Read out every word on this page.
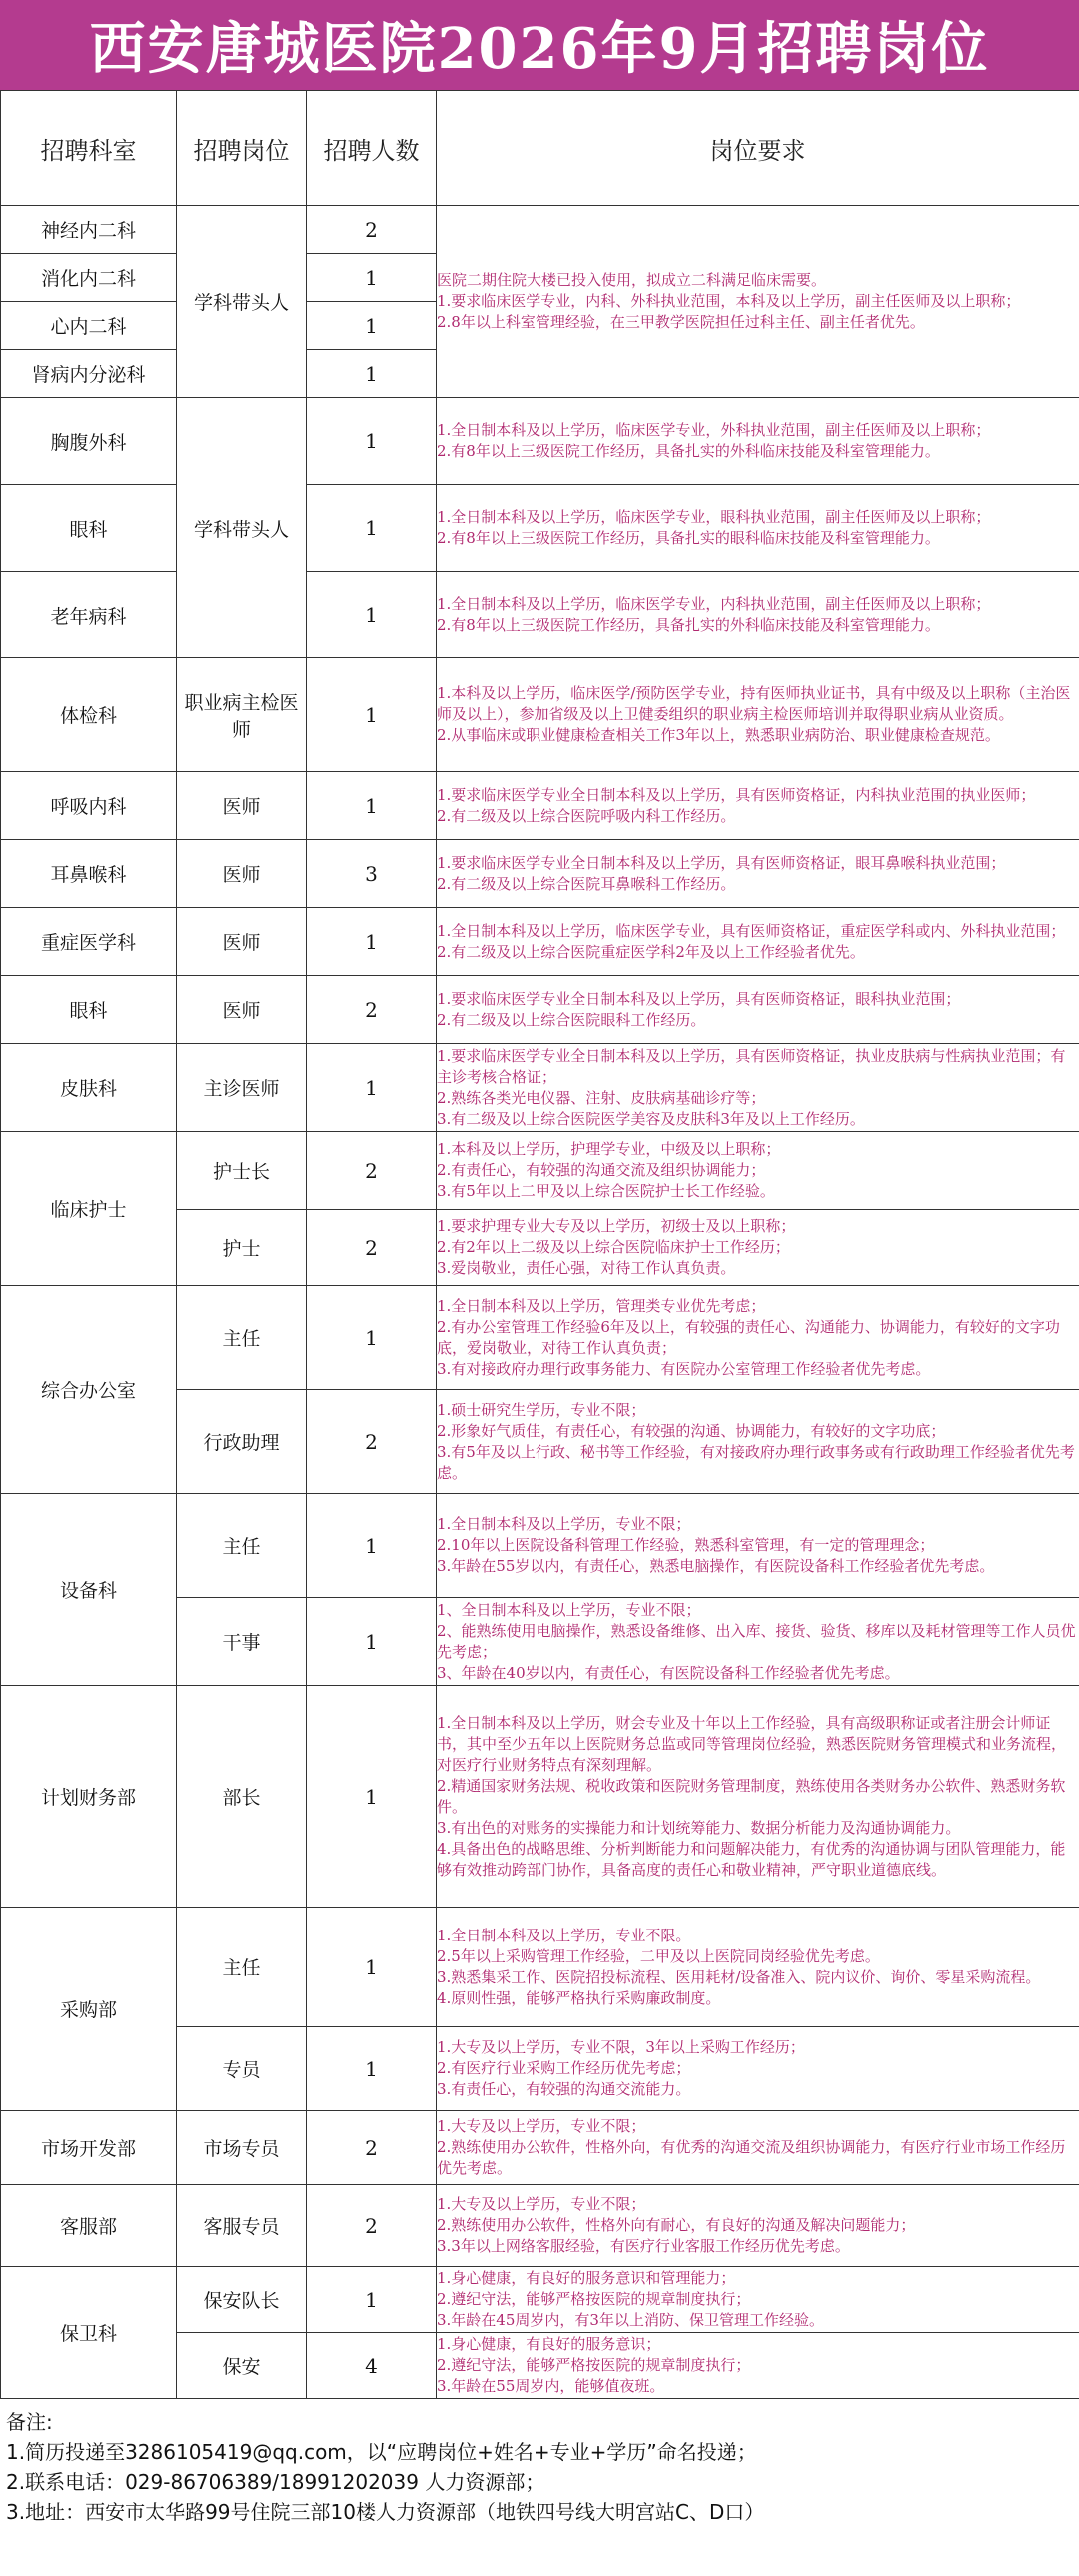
西安唐城医院2026年9月招聘岗位
招聘科室	招聘岗位	招聘人数	岗位要求
神经内二科	学科带头人	2	医院二期住院大楼已投入使用，拟成立二科满足临床需要。
1.要求临床医学专业，内科、外科执业范围，本科及以上学历，副主任医师及以上职称；
2.8年以上科室管理经验，在三甲教学医院担任过科主任、副主任者优先。
消化内二科		1	
心内二科		1	
肾病内分泌科		1	
胸腹外科	学科带头人	1	1.全日制本科及以上学历，临床医学专业，外科执业范围，副主任医师及以上职称；
2.有8年以上三级医院工作经历，具备扎实的外科临床技能及科室管理能力。
眼科		1	1.全日制本科及以上学历，临床医学专业，眼科执业范围，副主任医师及以上职称；
2.有8年以上三级医院工作经历，具备扎实的眼科临床技能及科室管理能力。
老年病科		1	1.全日制本科及以上学历，临床医学专业，内科执业范围，副主任医师及以上职称；
2.有8年以上三级医院工作经历，具备扎实的外科临床技能及科室管理能力。
体检科	职业病主检医师	1	1.本科及以上学历，临床医学/预防医学专业，持有医师执业证书，具有中级及以上职称（主治医师及以上），参加省级及以上卫健委组织的职业病主检医师培训并取得职业病从业资质。
2.从事临床或职业健康检查相关工作3年以上，熟悉职业病防治、职业健康检查规范。
呼吸内科	医师	1	1.要求临床医学专业全日制本科及以上学历，具有医师资格证，内科执业范围的执业医师；
2.有二级及以上综合医院呼吸内科工作经历。
耳鼻喉科	医师	3	1.要求临床医学专业全日制本科及以上学历，具有医师资格证，眼耳鼻喉科执业范围；
2.有二级及以上综合医院耳鼻喉科工作经历。
重症医学科	医师	1	1.全日制本科及以上学历，临床医学专业，具有医师资格证，重症医学科或内、外科执业范围；
2.有二级及以上综合医院重症医学科2年及以上工作经验者优先。
眼科	医师	2	1.要求临床医学专业全日制本科及以上学历，具有医师资格证，眼科执业范围；
2.有二级及以上综合医院眼科工作经历。
皮肤科	主诊医师	1	1.要求临床医学专业全日制本科及以上学历，具有医师资格证，执业皮肤病与性病执业范围；有主诊考核合格证；
2.熟练各类光电仪器、注射、皮肤病基础诊疗等；
3.有二级及以上综合医院医学美容及皮肤科3年及以上工作经历。
临床护士	护士长	2	1.本科及以上学历，护理学专业，中级及以上职称；
2.有责任心，有较强的沟通交流及组织协调能力；
3.有5年以上二甲及以上综合医院护士长工作经验。
	护士	2	1.要求护理专业大专及以上学历，初级士及以上职称；
2.有2年以上二级及以上综合医院临床护士工作经历；
3.爱岗敬业，责任心强，对待工作认真负责。
综合办公室	主任	1	1.全日制本科及以上学历，管理类专业优先考虑；
2.有办公室管理工作经验6年及以上，有较强的责任心、沟通能力、协调能力，有较好的文字功底，爱岗敬业，对待工作认真负责；
3.有对接政府办理行政事务能力、有医院办公室管理工作经验者优先考虑。
	行政助理	2	1.硕士研究生学历，专业不限；
2.形象好气质佳，有责任心，有较强的沟通、协调能力，有较好的文字功底；
3.有5年及以上行政、秘书等工作经验，有对接政府办理行政事务或有行政助理工作经验者优先考虑。
设备科	主任	1	1.全日制本科及以上学历，专业不限；
2.10年以上医院设备科管理工作经验，熟悉科室管理，有一定的管理理念；
3.年龄在55岁以内，有责任心，熟悉电脑操作，有医院设备科工作经验者优先考虑。
	干事	1	1、全日制本科及以上学历，专业不限；
2、能熟练使用电脑操作，熟悉设备维修、出入库、接货、验货、移库以及耗材管理等工作人员优先考虑；
3、年龄在40岁以内，有责任心，有医院设备科工作经验者优先考虑。
计划财务部	部长	1	1.全日制本科及以上学历，财会专业及十年以上工作经验，具有高级职称证或者注册会计师证书，其中至少五年以上医院财务总监或同等管理岗位经验，熟悉医院财务管理模式和业务流程，对医疗行业财务特点有深刻理解。
2.精通国家财务法规、税收政策和医院财务管理制度，熟练使用各类财务办公软件、熟悉财务软件。
3.有出色的对账务的实操能力和计划统筹能力、数据分析能力及沟通协调能力。
4.具备出色的战略思维、分析判断能力和问题解决能力，有优秀的沟通协调与团队管理能力，能够有效推动跨部门协作，具备高度的责任心和敬业精神，严守职业道德底线。
采购部	主任	1	1.全日制本科及以上学历，专业不限。
2.5年以上采购管理工作经验，二甲及以上医院同岗经验优先考虑。
3.熟悉集采工作、医院招投标流程、医用耗材/设备准入、院内议价、询价、零星采购流程。
4.原则性强，能够严格执行采购廉政制度。
	专员	1	1.大专及以上学历，专业不限，3年以上采购工作经历；
2.有医疗行业采购工作经历优先考虑；
3.有责任心，有较强的沟通交流能力。
市场开发部	市场专员	2	1.大专及以上学历，专业不限；
2.熟练使用办公软件，性格外向，有优秀的沟通交流及组织协调能力，有医疗行业市场工作经历优先考虑。
客服部	客服专员	2	1.大专及以上学历，专业不限；
2.熟练使用办公软件，性格外向有耐心，有良好的沟通及解决问题能力；
3.3年以上网络客服经验，有医疗行业客服工作经历优先考虑。
保卫科	保安队长	1	1.身心健康，有良好的服务意识和管理能力；
2.遵纪守法，能够严格按医院的规章制度执行；
3.年龄在45周岁内，有3年以上消防、保卫管理工作经验。
	保安	4	1.身心健康，有良好的服务意识；
2.遵纪守法，能够严格按医院的规章制度执行；
3.年龄在55周岁内，能够值夜班。
备注:
1.简历投递至3286105419@qq.com，以“应聘岗位+姓名+专业+学历”命名投递；
2.联系电话：029-86706389/18991202039 人力资源部；
3.地址：西安市太华路99号住院三部10楼人力资源部（地铁四号线大明宫站C、D口）
